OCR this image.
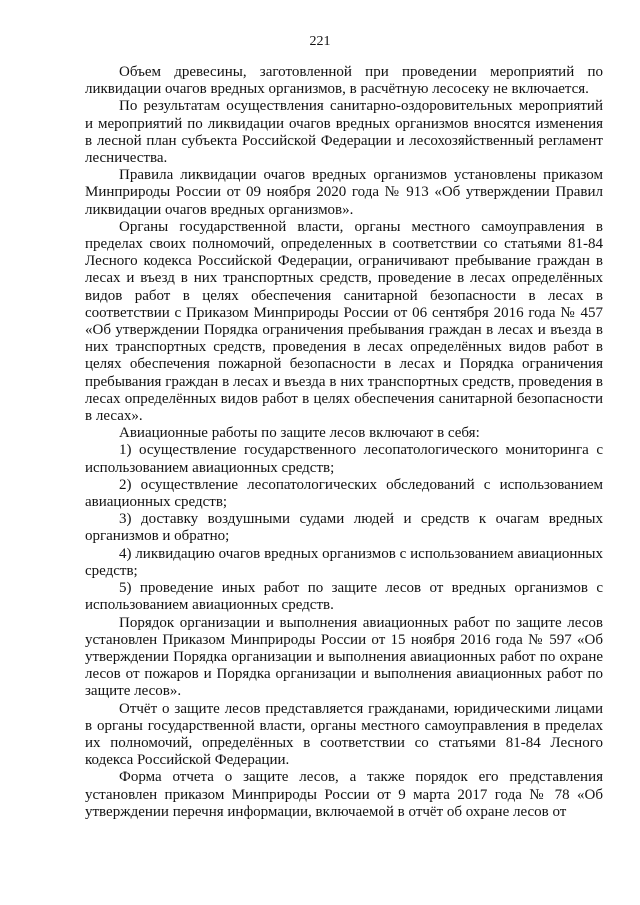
221

Объем древесины, заготовленной при проведении мероприятий по ликвидации очагов вредных организмов, в расчётную лесосеку не включается.

По результатам осуществления санитарно-оздоровительных мероприятий и мероприятий по ликвидации очагов вредных организмов вносятся изменения в лесной план субъекта Российской Федерации и лесохозяйственный регламент лесничества.

Правила ликвидации очагов вредных организмов установлены приказом Минприроды России от 09 ноября 2020 года № 913 «Об утверждении Правил ликвидации очагов вредных организмов».

Органы государственной власти, органы местного самоуправления в пределах своих полномочий, определенных в соответствии со статьями 81-84 Лесного кодекса Российской Федерации, ограничивают пребывание граждан в лесах и въезд в них транспортных средств, проведение в лесах определённых видов работ в целях обеспечения санитарной безопасности в лесах в соответствии с Приказом Минприроды России от 06 сентября 2016 года № 457 «Об утверждении Порядка ограничения пребывания граждан в лесах и въезда в них транспортных средств, проведения в лесах определённых видов работ в целях обеспечения пожарной безопасности в лесах и Порядка ограничения пребывания граждан в лесах и въезда в них транспортных средств, проведения в лесах определённых видов работ в целях обеспечения санитарной безопасности в лесах».

Авиационные работы по защите лесов включают в себя:

1) осуществление государственного лесопатологического мониторинга с использованием авиационных средств;

2) осуществление лесопатологических обследований с использованием авиационных средств;

3) доставку воздушными судами людей и средств к очагам вредных организмов и обратно;

4) ликвидацию очагов вредных организмов с использованием авиационных средств;

5) проведение иных работ по защите лесов от вредных организмов с использованием авиационных средств.

Порядок организации и выполнения авиационных работ по защите лесов установлен Приказом Минприроды России от 15 ноября 2016 года № 597 «Об утверждении Порядка организации и выполнения авиационных работ по охране лесов от пожаров и Порядка организации и выполнения авиационных работ по защите лесов».

Отчёт о защите лесов представляется гражданами, юридическими лицами в органы государственной власти, органы местного самоуправления в пределах их полномочий, определённых в соответствии со статьями 81-84 Лесного кодекса Российской Федерации.

Форма отчета о защите лесов, а также порядок его представления установлен приказом Минприроды России от 9 марта 2017 года № 78 «Об утверждении перечня информации, включаемой в отчёт об охране лесов от
